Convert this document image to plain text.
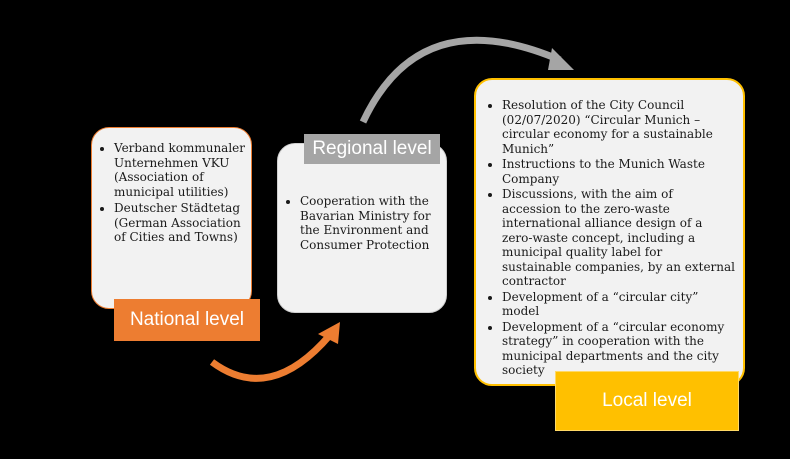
• Verband kommunaler Unternehmen VKU (Association of municipal utilities)
• Deutscher Städtetag (German Association of Cities and Towns)
National level
• Cooperation with the Bavarian Ministry for the Environment and Consumer Protection
Regional level
• Resolution of the City Council (02/07/2020) “Circular Munich – circular economy for a sustainable Munich”
• Instructions to the Munich Waste Company
• Discussions, with the aim of accession to the zero-waste international alliance design of a zero-waste concept, including a municipal quality label for sustainable companies, by an external contractor
• Development of a “circular city” model
• Development of a “circular economy strategy” in cooperation with the municipal departments and the city society
Local level
